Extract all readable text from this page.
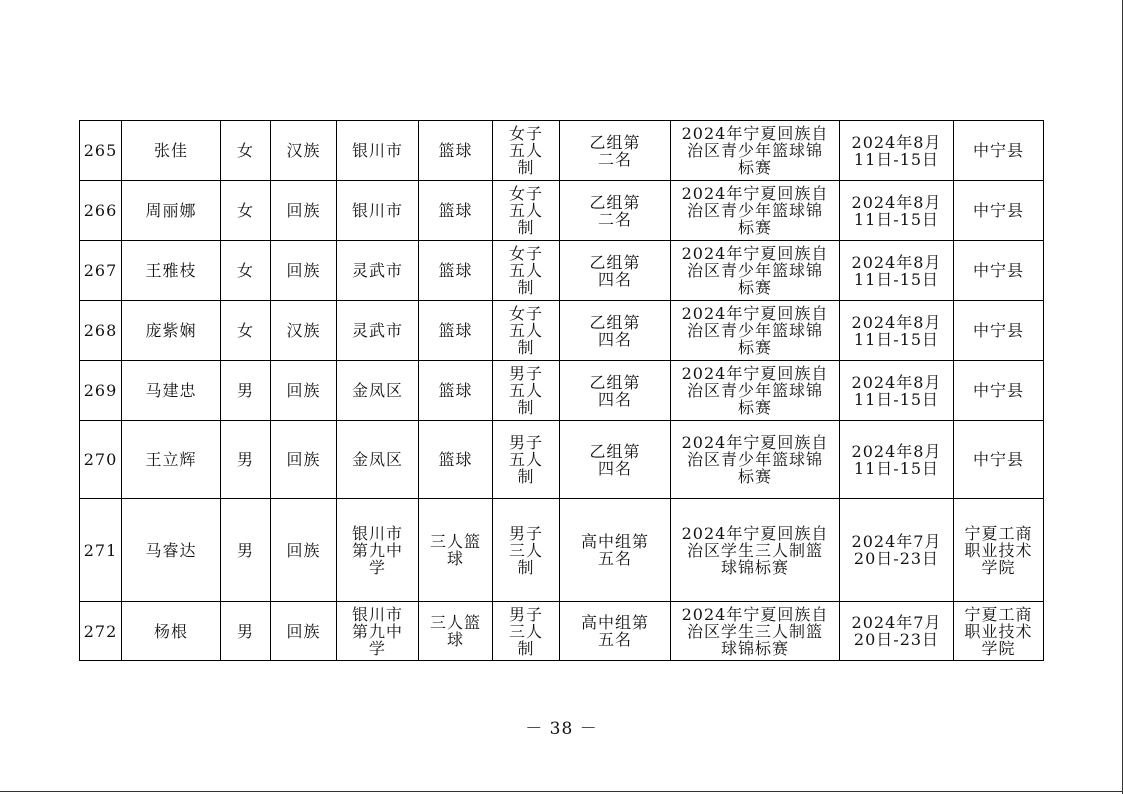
265	张佳	女	汉族	银川市	篮球	女子五人制	乙组第二名	2024年宁夏回族自治区青少年篮球锦标赛	2024年8月11日-15日	中宁县
266	周丽娜	女	回族	银川市	篮球	女子五人制	乙组第二名	2024年宁夏回族自治区青少年篮球锦标赛	2024年8月11日-15日	中宁县
267	王雅枝	女	回族	灵武市	篮球	女子五人制	乙组第四名	2024年宁夏回族自治区青少年篮球锦标赛	2024年8月11日-15日	中宁县
268	庞紫娴	女	汉族	灵武市	篮球	女子五人制	乙组第四名	2024年宁夏回族自治区青少年篮球锦标赛	2024年8月11日-15日	中宁县
269	马建忠	男	回族	金凤区	篮球	男子五人制	乙组第四名	2024年宁夏回族自治区青少年篮球锦标赛	2024年8月11日-15日	中宁县
270	王立辉	男	回族	金凤区	篮球	男子五人制	乙组第四名	2024年宁夏回族自治区青少年篮球锦标赛	2024年8月11日-15日	中宁县
271	马睿达	男	回族	银川市第九中学	三人篮球	男子三人制	高中组第五名	2024年宁夏回族自治区学生三人制篮球锦标赛	2024年7月20日-23日	宁夏工商职业技术学院
272	杨根	男	回族	银川市第九中学	三人篮球	男子三人制	高中组第五名	2024年宁夏回族自治区学生三人制篮球锦标赛	2024年7月20日-23日	宁夏工商职业技术学院
－ 38 －
